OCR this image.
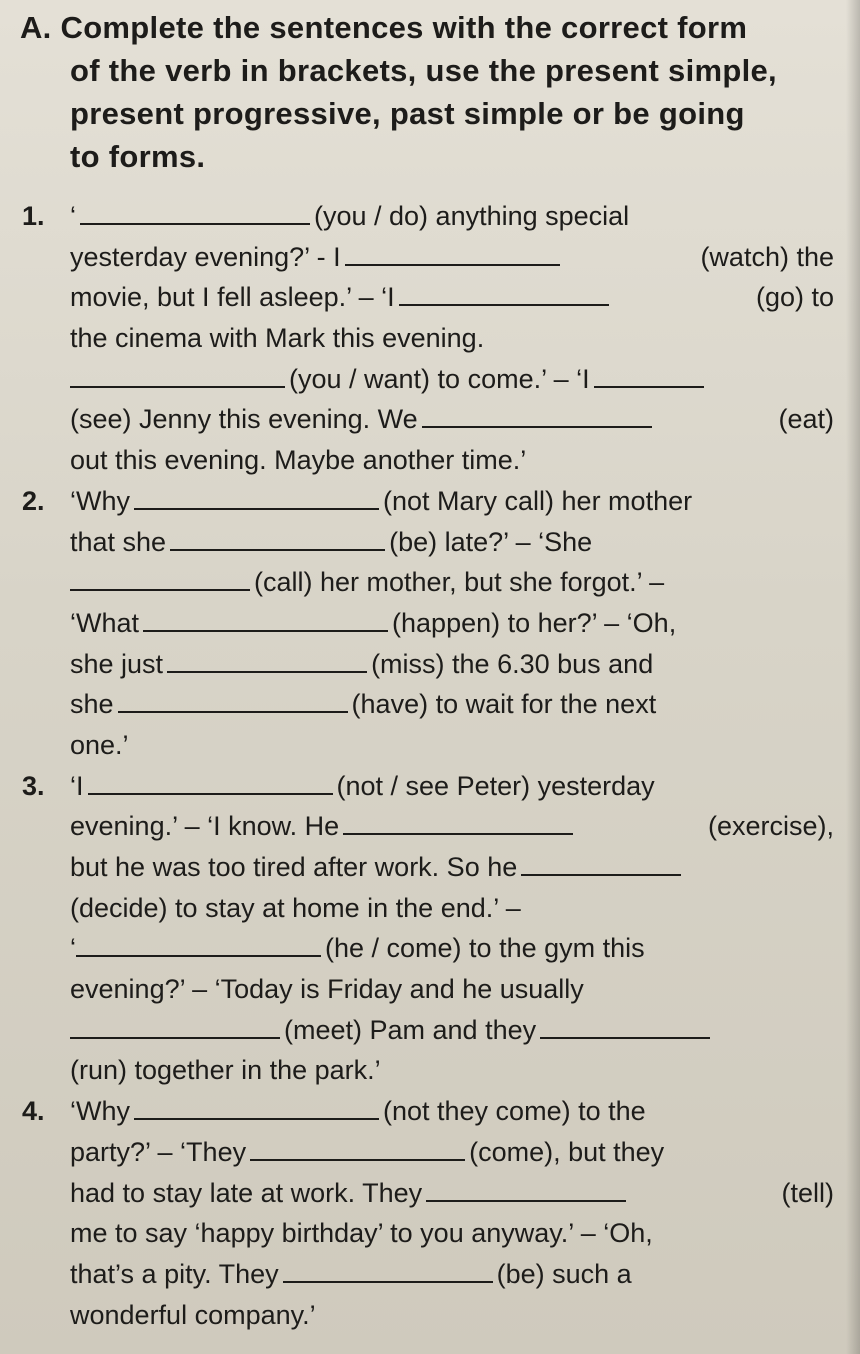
A. Complete the sentences with the correct form
of the verb in brackets, use the present simple,
present progressive, past simple or be going
to forms.
1. ‘	(you / do) anything special
yesterday evening?’ - I	(watch) the
movie, but I fell asleep.’ – ‘I	(go) to
the cinema with Mark this evening.
(you / want) to come.’ – ‘I
(see) Jenny this evening. We	(eat)
out this evening. Maybe another time.’
2. ‘Why	(not Mary call) her mother
that she	(be) late?’ – ‘She
(call) her mother, but she forgot.’ –
‘What	(happen) to her?’ – ‘Oh,
she just	(miss) the 6.30 bus and
she	(have) to wait for the next
one.’
3. ‘I	(not / see Peter) yesterday
evening.’ – ‘I know. He	(exercise),
but he was too tired after work. So he
(decide) to stay at home in the end.’ –
‘	(he / come) to the gym this
evening?’ – ‘Today is Friday and he usually
(meet) Pam and they
(run) together in the park.’
4. ‘Why	(not they come) to the
party?’ – ‘They	(come), but they
had to stay late at work. They	(tell)
me to say ‘happy birthday’ to you anyway.’ – ‘Oh,
that’s a pity. They	(be) such a
wonderful company.’
